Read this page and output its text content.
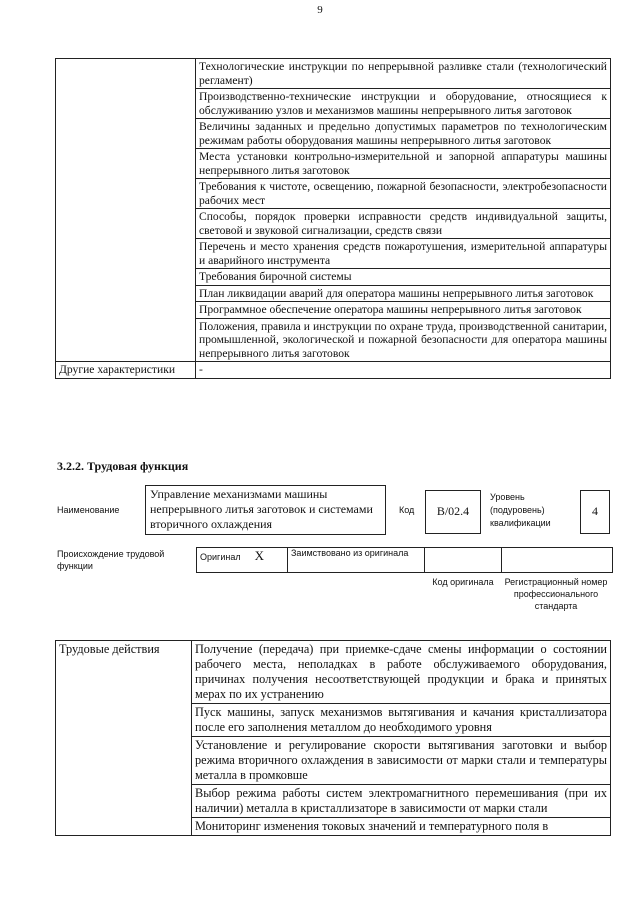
9
	Технологические инструкции по непрерывной разливке стали (технологический регламент)
	Производственно-технические инструкции и оборудование, относящиеся к обслуживанию узлов и механизмов машины непрерывного литья заготовок
	Величины заданных и предельно допустимых параметров по технологическим режимам работы оборудования машины непрерывного литья заготовок
	Места установки контрольно-измерительной и запорной аппаратуры машины непрерывного литья заготовок
	Требования к чистоте, освещению, пожарной безопасности, электробезопасности рабочих мест
	Способы, порядок проверки исправности средств индивидуальной защиты, световой и звуковой сигнализации, средств связи
	Перечень и место хранения средств пожаротушения, измерительной аппаратуры и аварийного инструмента
	Требования бирочной системы
	План ликвидации аварий для оператора машины непрерывного литья заготовок
	Программное обеспечение оператора машины непрерывного литья заготовок
	Положения, правила и инструкции по охране труда, производственной санитарии, промышленной, экологической и пожарной безопасности для оператора машины непрерывного литья заготовок
Другие характеристики	-
3.2.2. Трудовая функция
Наименование
Управление механизмами машины непрерывного литья заготовок и системами вторичного охлаждения
Код	B/02.4
Уровень (подуровень) квалификации
4
Происхождение трудовой функции
Оригинал X	Заимствовано из оригинала		
Код оригинала Регистрационный номер профессионального стандарта
Трудовые действия	Получение (передача) при приемке-сдаче смены информации о состоянии рабочего места, неполадках в работе обслуживаемого оборудования, причинах получения несоответствующей продукции и брака и принятых мерах по их устранению
Пуск машины, запуск механизмов вытягивания и качания кристаллизатора после его заполнения металлом до необходимого уровня
Установление и регулирование скорости вытягивания заготовки и выбор режима вторичного охлаждения в зависимости от марки стали и температуры металла в промковше
Выбор режима работы систем электромагнитного перемешивания (при их наличии) металла в кристаллизаторе в зависимости от марки стали
Мониторинг изменения токовых значений и температурного поля в
